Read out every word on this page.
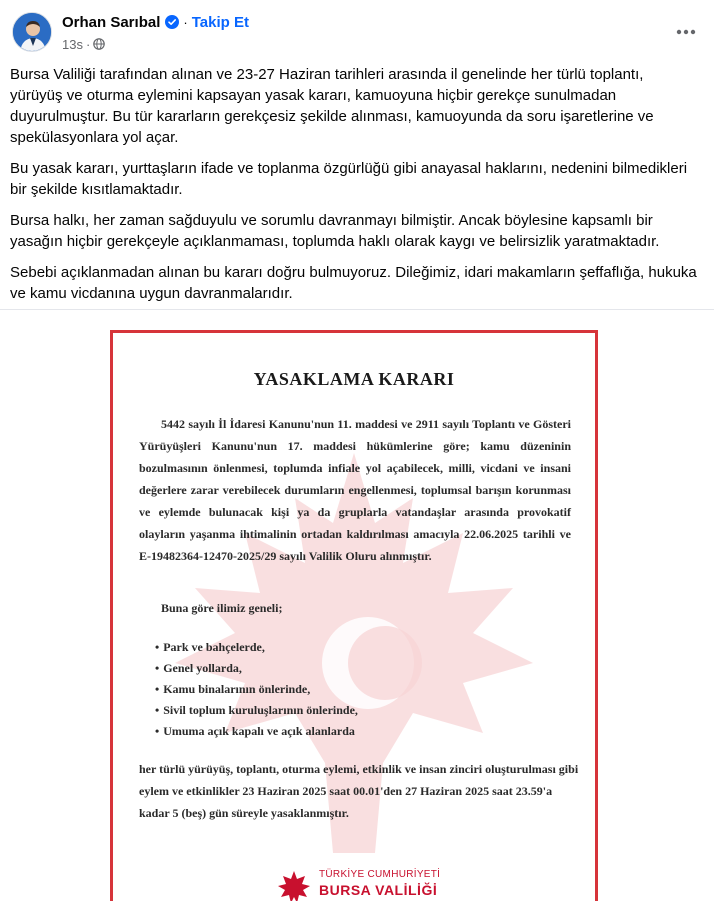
Orhan Sarıbal · Takip Et
13s ·

Bursa Valiliği tarafından alınan ve 23-27 Haziran tarihleri arasında il genelinde her türlü toplantı, yürüyüş ve oturma eylemini kapsayan yasak kararı, kamuoyuna hiçbir gerekçe sunulmadan duyurulmuştur. Bu tür kararların gerekçesiz şekilde alınması, kamuoyunda da soru işaretlerine ve spekülasyonlara yol açar.

Bu yasak kararı, yurttaşların ifade ve toplanma özgürlüğü gibi anayasal haklarını, nedenini bilmedikleri bir şekilde kısıtlamaktadır.

Bursa halkı, her zaman sağduyulu ve sorumlu davranmayı bilmiştir. Ancak böylesine kapsamlı bir yasağın hiçbir gerekçeyle açıklanmaması, toplumda haklı olarak kaygı ve belirsizlik yaratmaktadır.

Sebebi açıklanmadan alınan bu kararı doğru bulmuyoruz. Dileğimiz, idari makamların şeffaflığa, hukuka ve kamu vicdanına uygun davranmalarıdır.

YASAKLAMA KARARI

5442 sayılı İl İdaresi Kanunu'nun 11. maddesi ve 2911 sayılı Toplantı ve Gösteri Yürüyüşleri Kanunu'nun 17. maddesi hükümlerine göre; kamu düzeninin bozulmasının önlenmesi, toplumda infiale yol açabilecek, milli, vicdani ve insani değerlere zarar verebilecek durumların engellenmesi, toplumsal barışın korunması ve eylemde bulunacak kişi ya da gruplarla vatandaşlar arasında provokatif olayların yaşanma ihtimalinin ortadan kaldırılması amacıyla 22.06.2025 tarihli ve E-19482364-12470-2025/29 sayılı Valilik Oluru alınmıştır.

Buna göre ilimiz geneli;
• Park ve bahçelerde,
• Genel yollarda,
• Kamu binalarının önlerinde,
• Sivil toplum kuruluşlarının önlerinde,
• Umuma açık kapalı ve açık alanlarda
her türlü yürüyüş, toplantı, oturma eylemi, etkinlik ve insan zinciri oluşturulması gibi eylem ve etkinlikler 23 Haziran 2025 saat 00.01'den 27 Haziran 2025 saat 23.59'a kadar 5 (beş) gün süreyle yasaklanmıştır.
TÜRKİYE CUMHURİYETİ
BURSA VALİLİĞİ
